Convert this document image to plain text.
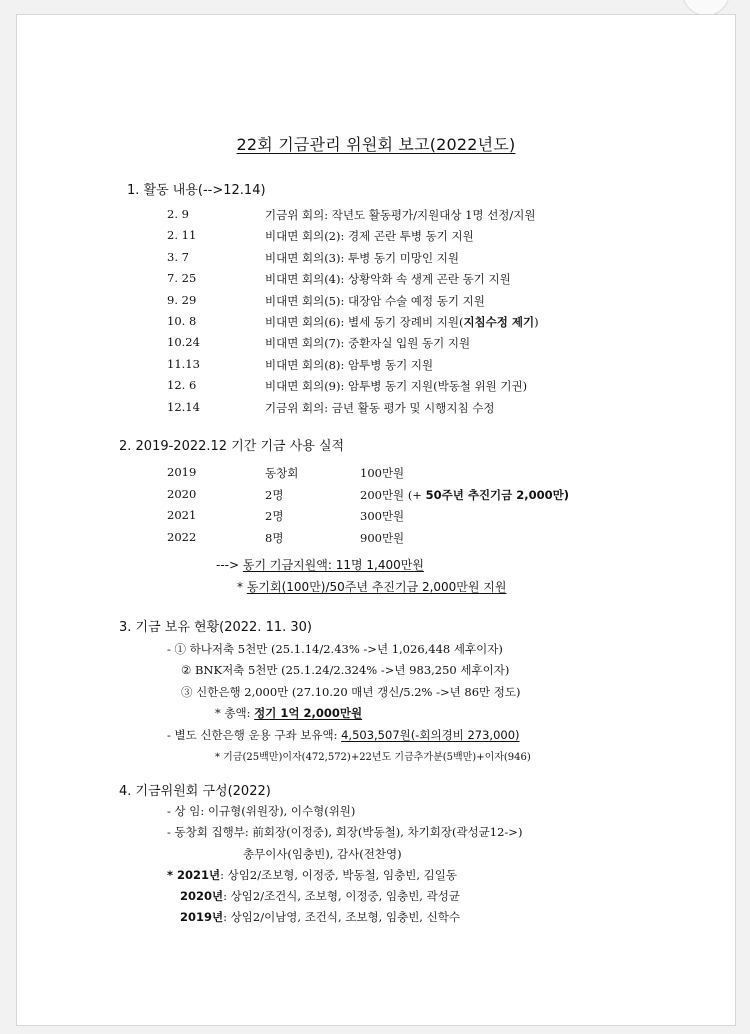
22회 기금관리 위원회 보고(2022년도)
1. 활동 내용(-->12.14)
2. 9	기금위 회의: 작년도 활동평가/지원대상 1명 선정/지원
2. 11	비대면 회의(2): 경제 곤란 투병 동기 지원
3. 7	비대면 회의(3): 투병 동기 미망인 지원
7. 25	비대면 회의(4): 상황악화 속 생계 곤란 동기 지원
9. 29	비대면 회의(5): 대장암 수술 예정 동기 지원
10. 8	비대면 회의(6): 별세 동기 장례비 지원(지침수정 제기)
10.24	비대면 회의(7): 중환자실 입원 동기 지원
11.13	비대면 회의(8): 암투병 동기 지원
12. 6	비대면 회의(9): 암투병 동기 지원(박동철 위원 기권)
12.14	기금위 회의: 금년 활동 평가 및 시행지침 수정
2. 2019-2022.12 기간 기금 사용 실적
2019	동창회	100만원
2020	2명	200만원 (+ 50주년 추진기금 2,000만)
2021	2명	300만원
2022	8명	900만원
---> 동기 기금지원액: 11명 1,400만원
* 동기회(100만)/50주년 추진기금 2,000만원 지원
3. 기금 보유 현황(2022. 11. 30)
- ① 하나저축 5천만 (25.1.14/2.43% ->년 1,026,448 세후이자)
② BNK저축 5천만 (25.1.24/2.324% ->년 983,250 세후이자)
③ 신한은행 2,000만 (27.10.20 매년 갱신/5.2% ->년 86만 정도)
* 총액: 정기 1억 2,000만원
- 별도 신한은행 운용 구좌 보유액: 4,503,507원(-회의경비 273,000)
* 기금(25백만)이자(472,572)+22년도 기금추가분(5백만)+이자(946)
4. 기금위원회 구성(2022)
- 상 임: 이규형(위원장), 이수형(위원)
- 동창회 집행부: 前회장(이정중), 회장(박동철), 차기회장(곽성균12->)
총무이사(임충빈), 감사(전찬영)
* 2021년: 상임2/조보형, 이정중, 박동철, 임충빈, 김일동
2020년: 상임2/조건식, 조보형, 이정중, 임충빈, 곽성균
2019년: 상임2/이남영, 조건식, 조보형, 임충빈, 신학수
